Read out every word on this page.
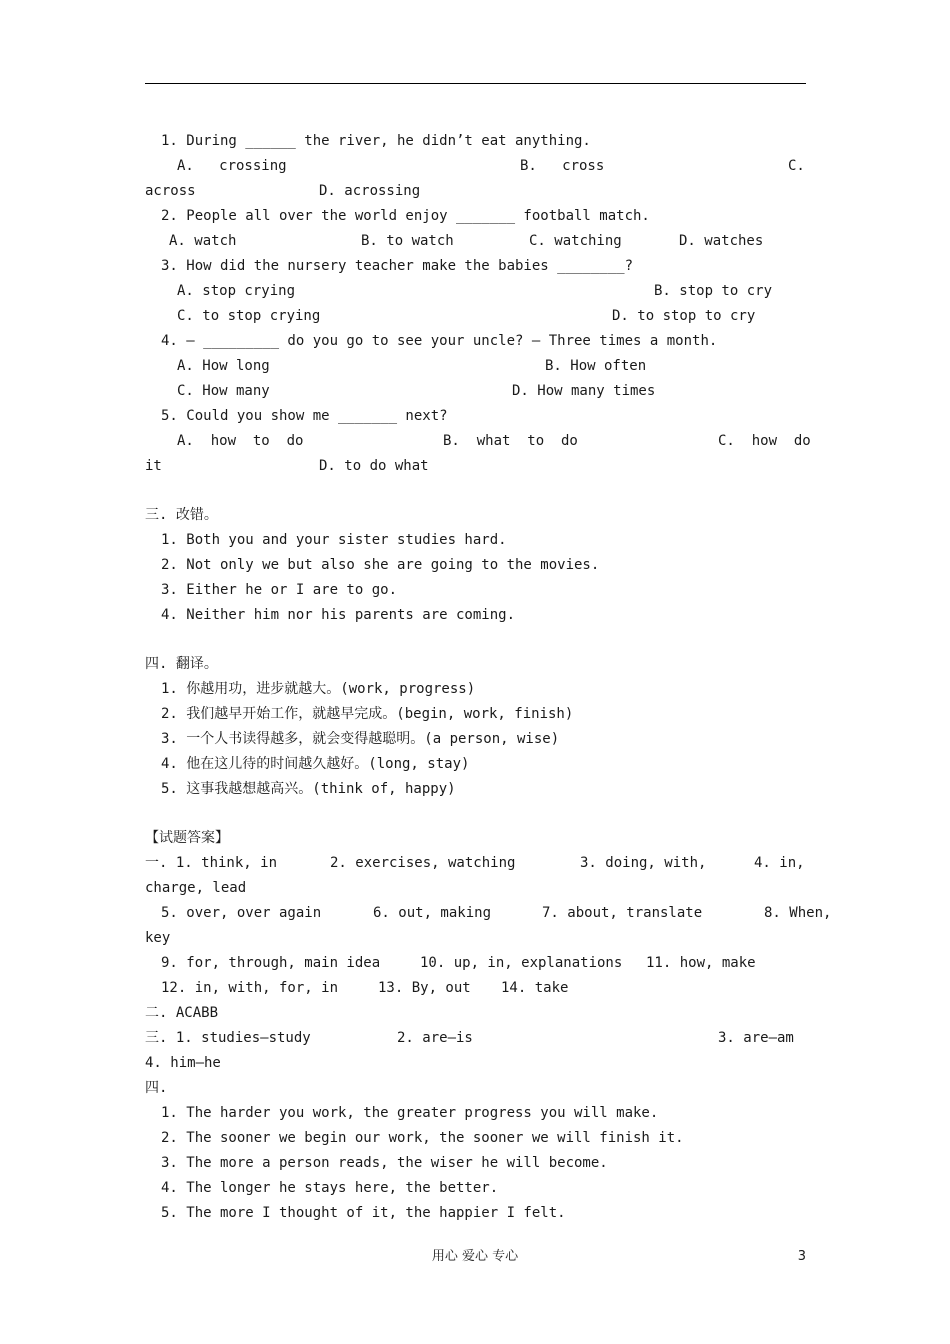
1. During ______ the river, he didn’t eat anything.
A.   crossing	B.   cross	C.
across	D. acrossing
2. People all over the world enjoy _______ football match.
A. watch	B. to watch	C. watching	D. watches
3. How did the nursery teacher make the babies ________?
A. stop crying	B. stop to cry
C. to stop crying	D. to stop to cry
4. – _________ do you go to see your uncle? – Three times a month.
A. How long	B. How often
C. How many	D. How many times
5. Could you show me _______ next?
A.  how  to  do	B.  what  to  do	C.  how  do
it	D. to do what
三. 改错。
1. Both you and your sister studies hard.
2. Not only we but also she are going to the movies.
3. Either he or I are to go.
4. Neither him nor his parents are coming.
四. 翻译。
1. 你越用功，进步就越大。(work, progress)
2. 我们越早开始工作，就越早完成。(begin, work, finish)
3. 一个人书读得越多，就会变得越聪明。(a person, wise)
4. 他在这儿待的时间越久越好。(long, stay)
5. 这事我越想越高兴。(think of, happy)
【试题答案】
一. 1. think, in	2. exercises, watching	3. doing, with,	4. in,
charge, lead
5. over, over again	6. out, making	7. about, translate	8. When,
key
9. for, through, main idea	10. up, in, explanations 11. how, make
12. in, with, for, in	13. By, out 14. take
二. ACABB
三. 1. studies–study	2. are–is	3. are–am
4. him–he
四.
1. The harder you work, the greater progress you will make.
2. The sooner we begin our work, the sooner we will finish it.
3. The more a person reads, the wiser he will become.
4. The longer he stays here, the better.
5. The more I thought of it, the happier I felt.
用心 爱心 专心	3
